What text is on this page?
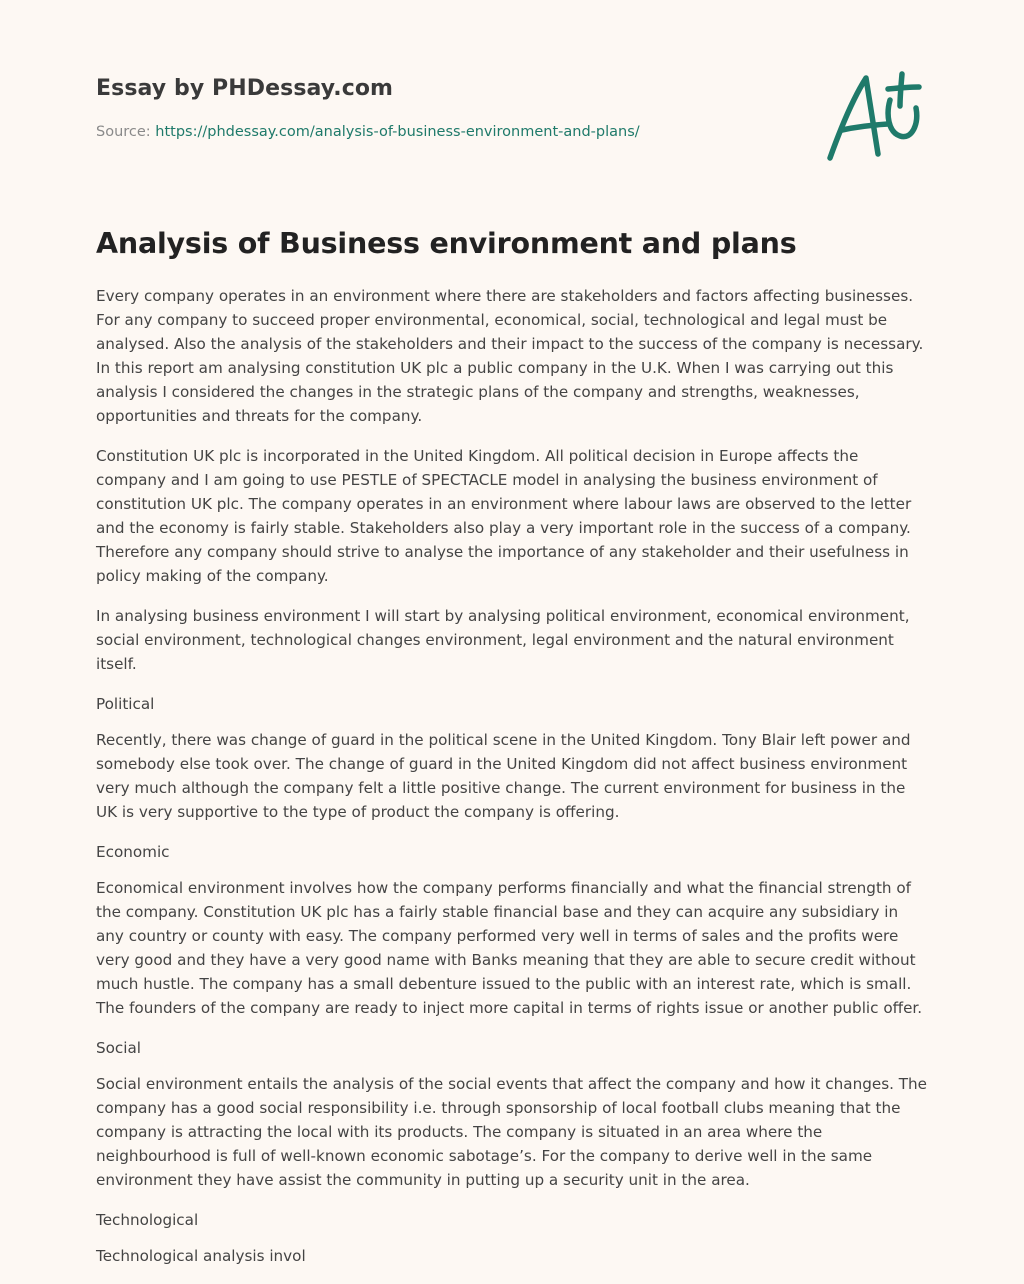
Essay by PHDessay.com
Source: https://phdessay.com/analysis-of-business-environment-and-plans/
Analysis of Business environment and plans

Every company operates in an environment where there are stakeholders and factors affecting businesses. For any company to succeed proper environmental, economical, social, technological and legal must be analysed. Also the analysis of the stakeholders and their impact to the success of the company is necessary. In this report am analysing constitution UK plc a public company in the U.K. When I was carrying out this analysis I considered the changes in the strategic plans of the company and strengths, weaknesses, opportunities and threats for the company.

Constitution UK plc is incorporated in the United Kingdom. All political decision in Europe affects the company and I am going to use PESTLE of SPECTACLE model in analysing the business environment of constitution UK plc. The company operates in an environment where labour laws are observed to the letter and the economy is fairly stable. Stakeholders also play a very important role in the success of a company. Therefore any company should strive to analyse the importance of any stakeholder and their usefulness in policy making of the company.

In analysing business environment I will start by analysing political environment, economical environment, social environment, technological changes environment, legal environment and the natural environment itself.

Political

Recently, there was change of guard in the political scene in the United Kingdom. Tony Blair left power and somebody else took over. The change of guard in the United Kingdom did not affect business environment very much although the company felt a little positive change. The current environment for business in the UK is very supportive to the type of product the company is offering.

Economic

Economical environment involves how the company performs financially and what the financial strength of the company. Constitution UK plc has a fairly stable financial base and they can acquire any subsidiary in any country or county with easy. The company performed very well in terms of sales and the profits were very good and they have a very good name with Banks meaning that they are able to secure credit without much hustle. The company has a small debenture issued to the public with an interest rate, which is small. The founders of the company are ready to inject more capital in terms of rights issue or another public offer.

Social

Social environment entails the analysis of the social events that affect the company and how it changes. The company has a good social responsibility i.e. through sponsorship of local football clubs meaning that the company is attracting the local with its products. The company is situated in an area where the neighbourhood is full of well-known economic sabotage’s. For the company to derive well in the same environment they have assist the community in putting up a security unit in the area.

Technological

Technological analysis invol
